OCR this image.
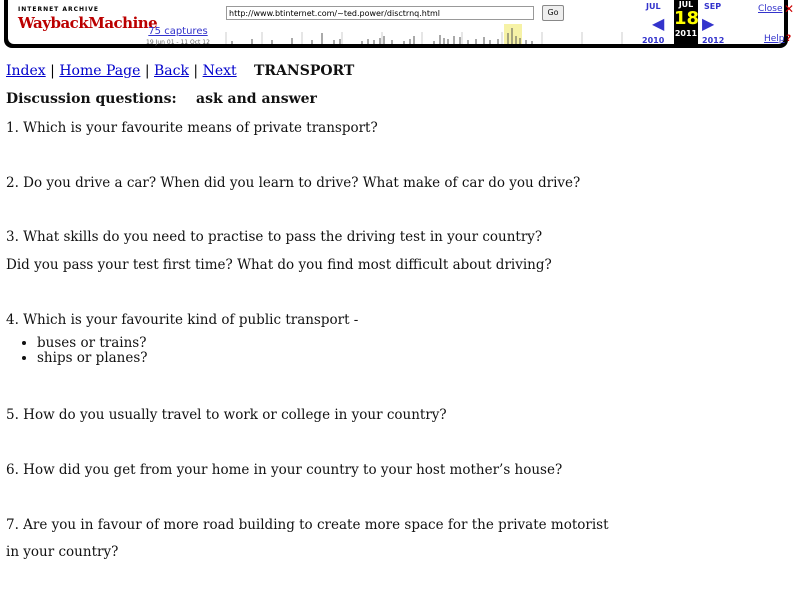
INTERNET ARCHIVE
WaybackMachine
http://www.btinternet.com/~ted.power/disctrnq.html	Go
75 captures
19 Jun 01 - 11 Oct 12
JUL
◀
2010
JUL
18
2011
SEP
▶
2012
Close ✕
Help ?
Index | Home Page | Back | Next TRANSPORT
Discussion questions: ask and answer
1. Which is your favourite means of private transport?
2. Do you drive a car? When did you learn to drive? What make of car do you drive?
3. What skills do you need to practise to pass the driving test in your country?
Did you pass your test first time? What do you find most difficult about driving?
4. Which is your favourite kind of public transport -
• buses or trains?
• ships or planes?
5. How do you usually travel to work or college in your country?
6. How did you get from your home in your country to your host mother’s house?
7. Are you in favour of more road building to create more space for the private motorist
in your country?
